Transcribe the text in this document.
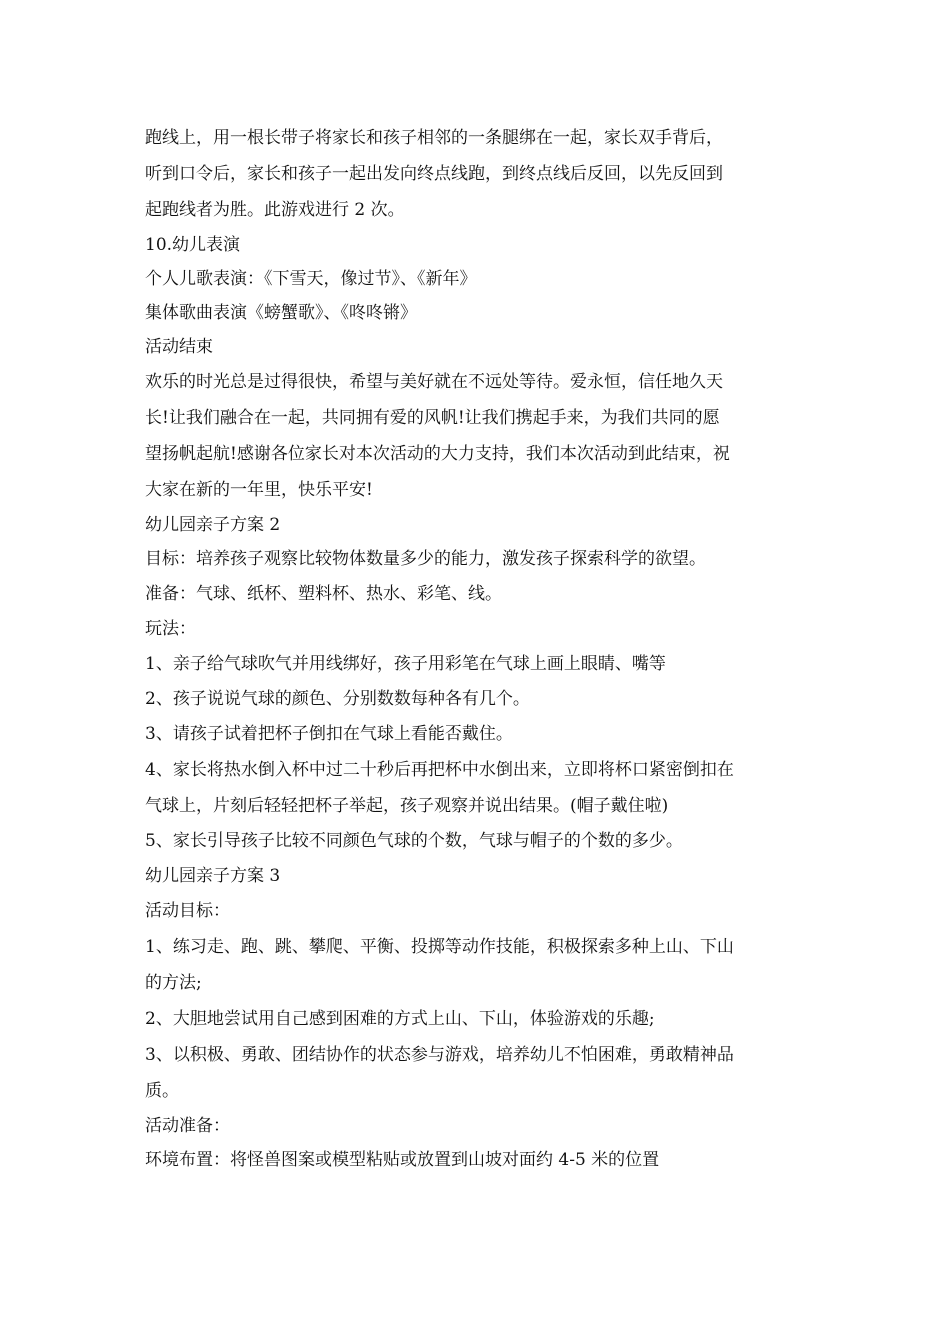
跑线上，用一根长带子将家长和孩子相邻的一条腿绑在一起，家长双手背后，

听到口令后，家长和孩子一起出发向终点线跑，到终点线后反回，以先反回到

起跑线者为胜。此游戏进行 2 次。

10.幼儿表演

个人儿歌表演：《下雪天，像过节》、《新年》

集体歌曲表演《螃蟹歌》、《咚咚锵》

活动结束

欢乐的时光总是过得很快，希望与美好就在不远处等待。爱永恒，信任地久天

长!让我们融合在一起，共同拥有爱的风帆!让我们携起手来，为我们共同的愿

望扬帆起航!感谢各位家长对本次活动的大力支持，我们本次活动到此结束，祝

大家在新的一年里，快乐平安!

幼儿园亲子方案 2

目标：培养孩子观察比较物体数量多少的能力，激发孩子探索科学的欲望。

准备：气球、纸杯、塑料杯、热水、彩笔、线。

玩法：

1、亲子给气球吹气并用线绑好，孩子用彩笔在气球上画上眼睛、嘴等

2、孩子说说气球的颜色、分别数数每种各有几个。

3、请孩子试着把杯子倒扣在气球上看能否戴住。

4、家长将热水倒入杯中过二十秒后再把杯中水倒出来，立即将杯口紧密倒扣在

气球上，片刻后轻轻把杯子举起，孩子观察并说出结果。(帽子戴住啦)

5、家长引导孩子比较不同颜色气球的个数，气球与帽子的个数的多少。

幼儿园亲子方案 3

活动目标：

1、练习走、跑、跳、攀爬、平衡、投掷等动作技能，积极探索多种上山、下山

的方法;

2、大胆地尝试用自己感到困难的方式上山、下山，体验游戏的乐趣;

3、以积极、勇敢、团结协作的状态参与游戏，培养幼儿不怕困难，勇敢精神品

质。

活动准备：

环境布置：将怪兽图案或模型粘贴或放置到山坡对面约 4-5 米的位置
